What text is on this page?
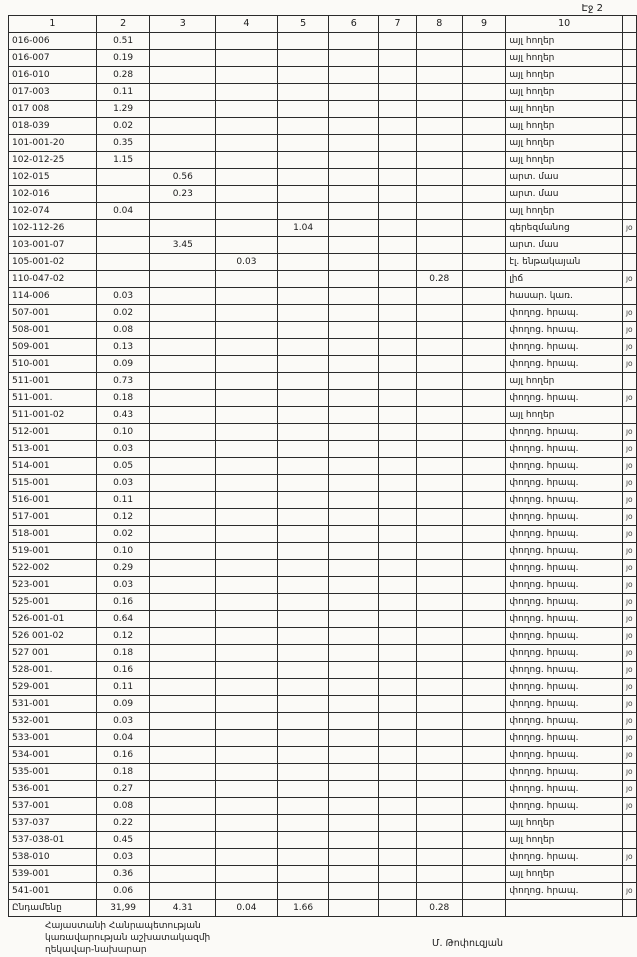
Էջ 2
1	2	3	4	5	6	7	8	9	10	
016-006	0.51								այլ հողեր	
016-007	0.19								այլ հողեր	
016-010	0.28								այլ հողեր	
017-003	0.11								այլ հողեր	
017 008	1.29								այլ հողեր	
018-039	0.02								այլ հողեր	
101-001-20	0.35								այլ հողեր	
102-012-25	1.15								այլ հողեր	
102-015		0.56							արտ. մաս	
102-016		0.23							արտ. մաս	
102-074	0.04								այլ հողեր	
102-112-26				1.04					գերեզմանոց	յօ
103-001-07		3.45							արտ. մաս	
105-001-02			0.03						էլ. ենթակայան	
110-047-02							0.28		լիճ	յօ
114-006	0.03								հասար. կառ.	
507-001	0.02								փողոց. հրապ.	յօ
508-001	0.08								փողոց. հրապ.	յօ
509-001	0.13								փողոց. հրապ.	յօ
510-001	0.09								փողոց. հրապ.	յօ
511-001	0.73								այլ հողեր	
511-001.	0.18								փողոց. հրապ.	յօ
511-001-02	0.43								այլ հողեր	
512-001	0.10								փողոց. հրապ.	յօ
513-001	0.03								փողոց. հրապ.	յօ
514-001	0.05								փողոց. հրապ.	յօ
515-001	0.03								փողոց. հրապ.	յօ
516-001	0.11								փողոց. հրապ.	յօ
517-001	0.12								փողոց. հրապ.	յօ
518-001	0.02								փողոց. հրապ.	յօ
519-001	0.10								փողոց. հրապ.	յօ
522-002	0.29								փողոց. հրապ.	յօ
523-001	0.03								փողոց. հրապ.	յօ
525-001	0.16								փողոց. հրապ.	յօ
526-001-01	0.64								փողոց. հրապ.	յօ
526 001-02	0.12								փողոց. հրապ.	յօ
527 001	0.18								փողոց. հրապ.	յօ
528-001.	0.16								փողոց. հրապ.	յօ
529-001	0.11								փողոց. հրապ.	յօ
531-001	0.09								փողոց. հրապ.	յօ
532-001	0.03								փողոց. հրապ.	յօ
533-001	0.04								փողոց. հրապ.	յօ
534-001	0.16								փողոց. հրապ.	յօ
535-001	0.18								փողոց. հրապ.	յօ
536-001	0.27								փողոց. հրապ.	յօ
537-001	0.08								փողոց. հրապ.	յօ
537-037	0.22								այլ հողեր	
537-038-01	0.45								այլ հողեր	
538-010	0.03								փողոց. հրապ.	յօ
539-001	0.36								այլ հողեր	
541-001	0.06								փողոց. հրապ.	յօ
Ընդամենը	31,99	4.31	0.04	1.66			0.28			
Հայաստանի Հանրապետության
կառավարության աշխատակազմի
ղեկավար-նախարար
Մ. Թոփուզյան
